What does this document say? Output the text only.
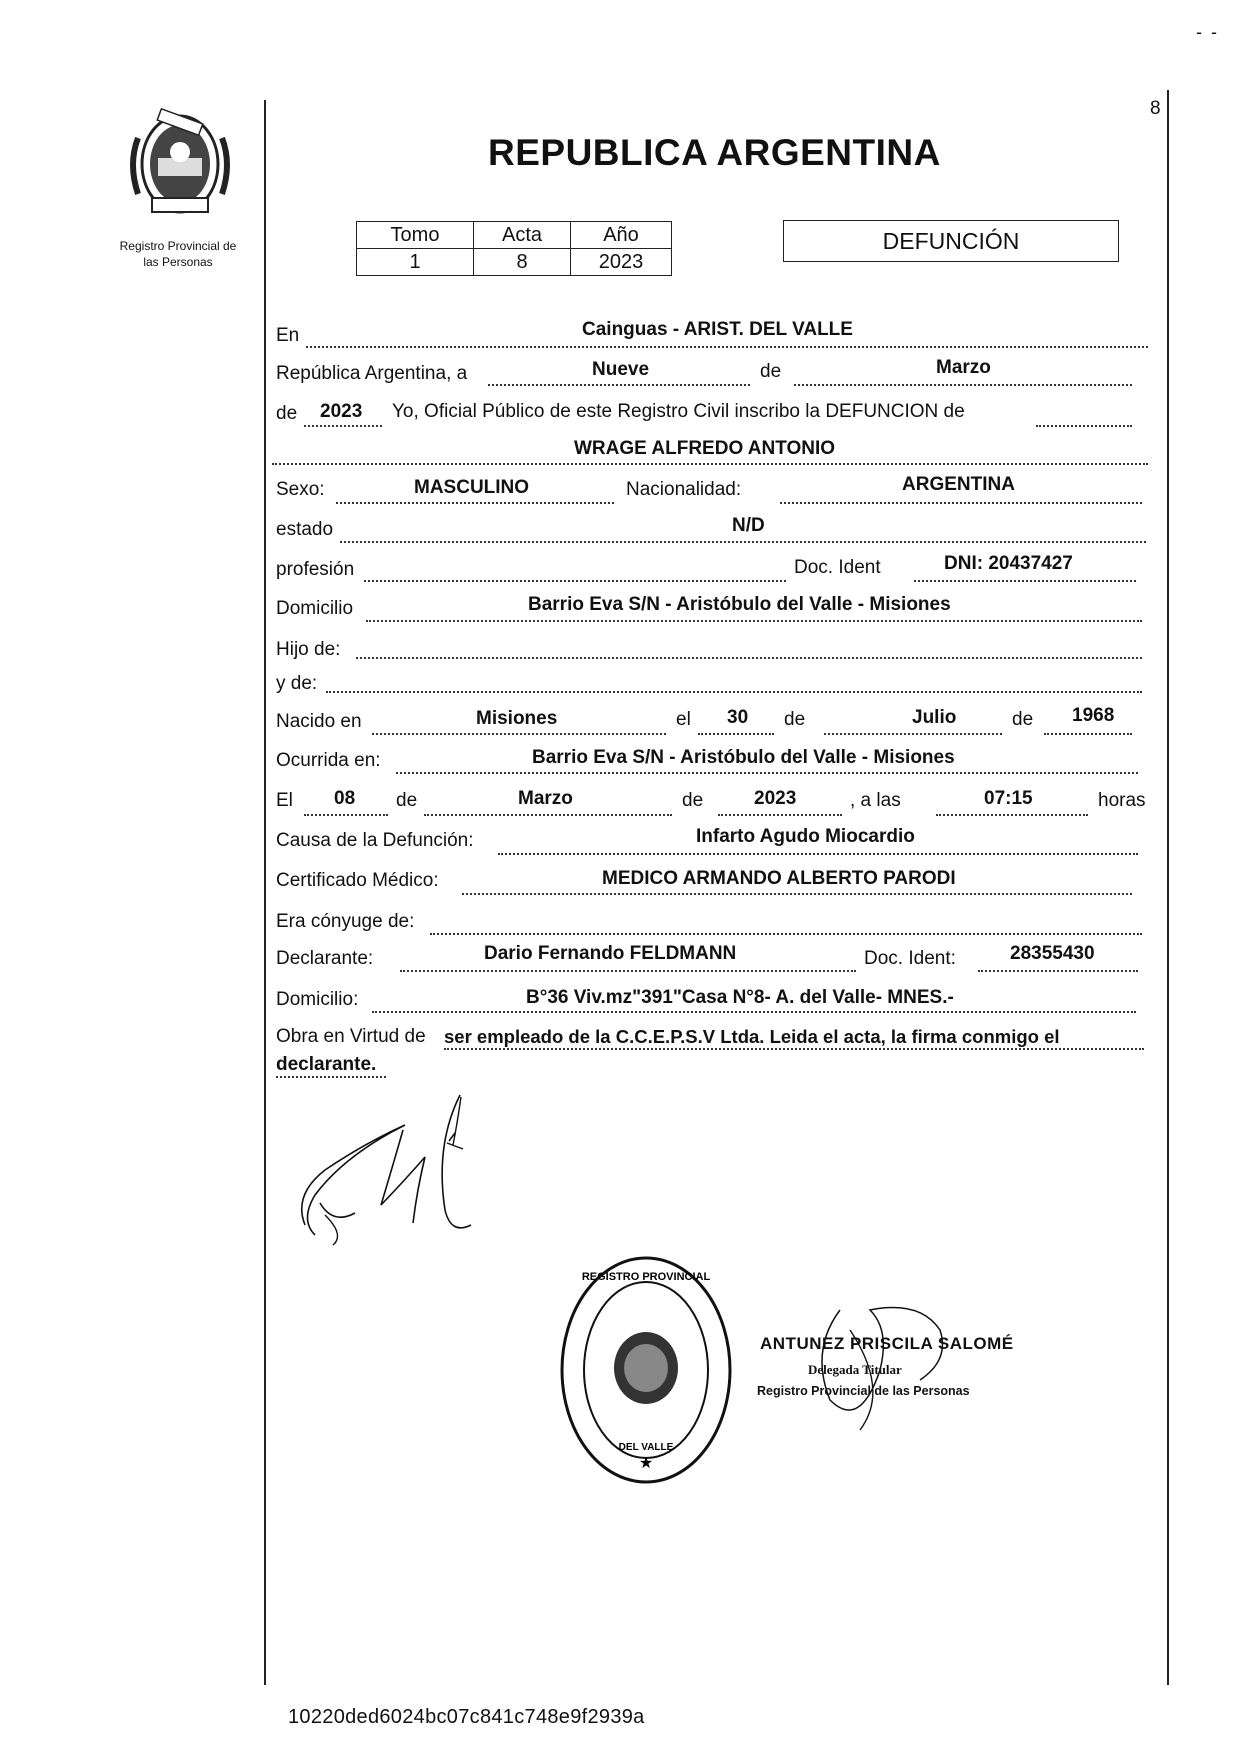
- -
8
Registro Provincial de
las Personas
REPUBLICA ARGENTINA
Tomo	Acta	Año
1	8	2023
DEFUNCIÓN
En	Cainguas - ARIST. DEL VALLE
República Argentina, a	Nueve	de	Marzo
de 2023 Yo, Oficial Público de este Registro Civil inscribo la DEFUNCION de
WRAGE ALFREDO ANTONIO
Sexo:	MASCULINO	Nacionalidad:	ARGENTINA
estado	N/D
profesión	Doc. Ident	DNI: 20437427
Domicilio	Barrio Eva S/N - Aristóbulo del Valle - Misiones
Hijo de:
y de:
Nacido en	Misiones	el 30 de	Julio	de 1968
Ocurrida en:	Barrio Eva S/N - Aristóbulo del Valle - Misiones
El 08 de	Marzo	de	2023	, a las	07:15	horas
Causa de la Defunción:	Infarto Agudo Miocardio
Certificado Médico:	MEDICO ARMANDO ALBERTO PARODI
Era cónyuge de:
Declarante:	Dario Fernando FELDMANN	Doc. Ident:	28355430
Domicilio:	B°36 Viv.mz"391"Casa N°8- A. del Valle- MNES.-
Obra en Virtud de ser empleado de la C.C.E.P.S.V Ltda. Leida el acta, la firma conmigo el
declarante.
REGISTRO PROVINCIAL
★
DEL VALLE
ANTUNEZ PRISCILA SALOMÉ
Delegada Titular
Registro Provincial de las Personas
10220ded6024bc07c841c748e9f2939a
